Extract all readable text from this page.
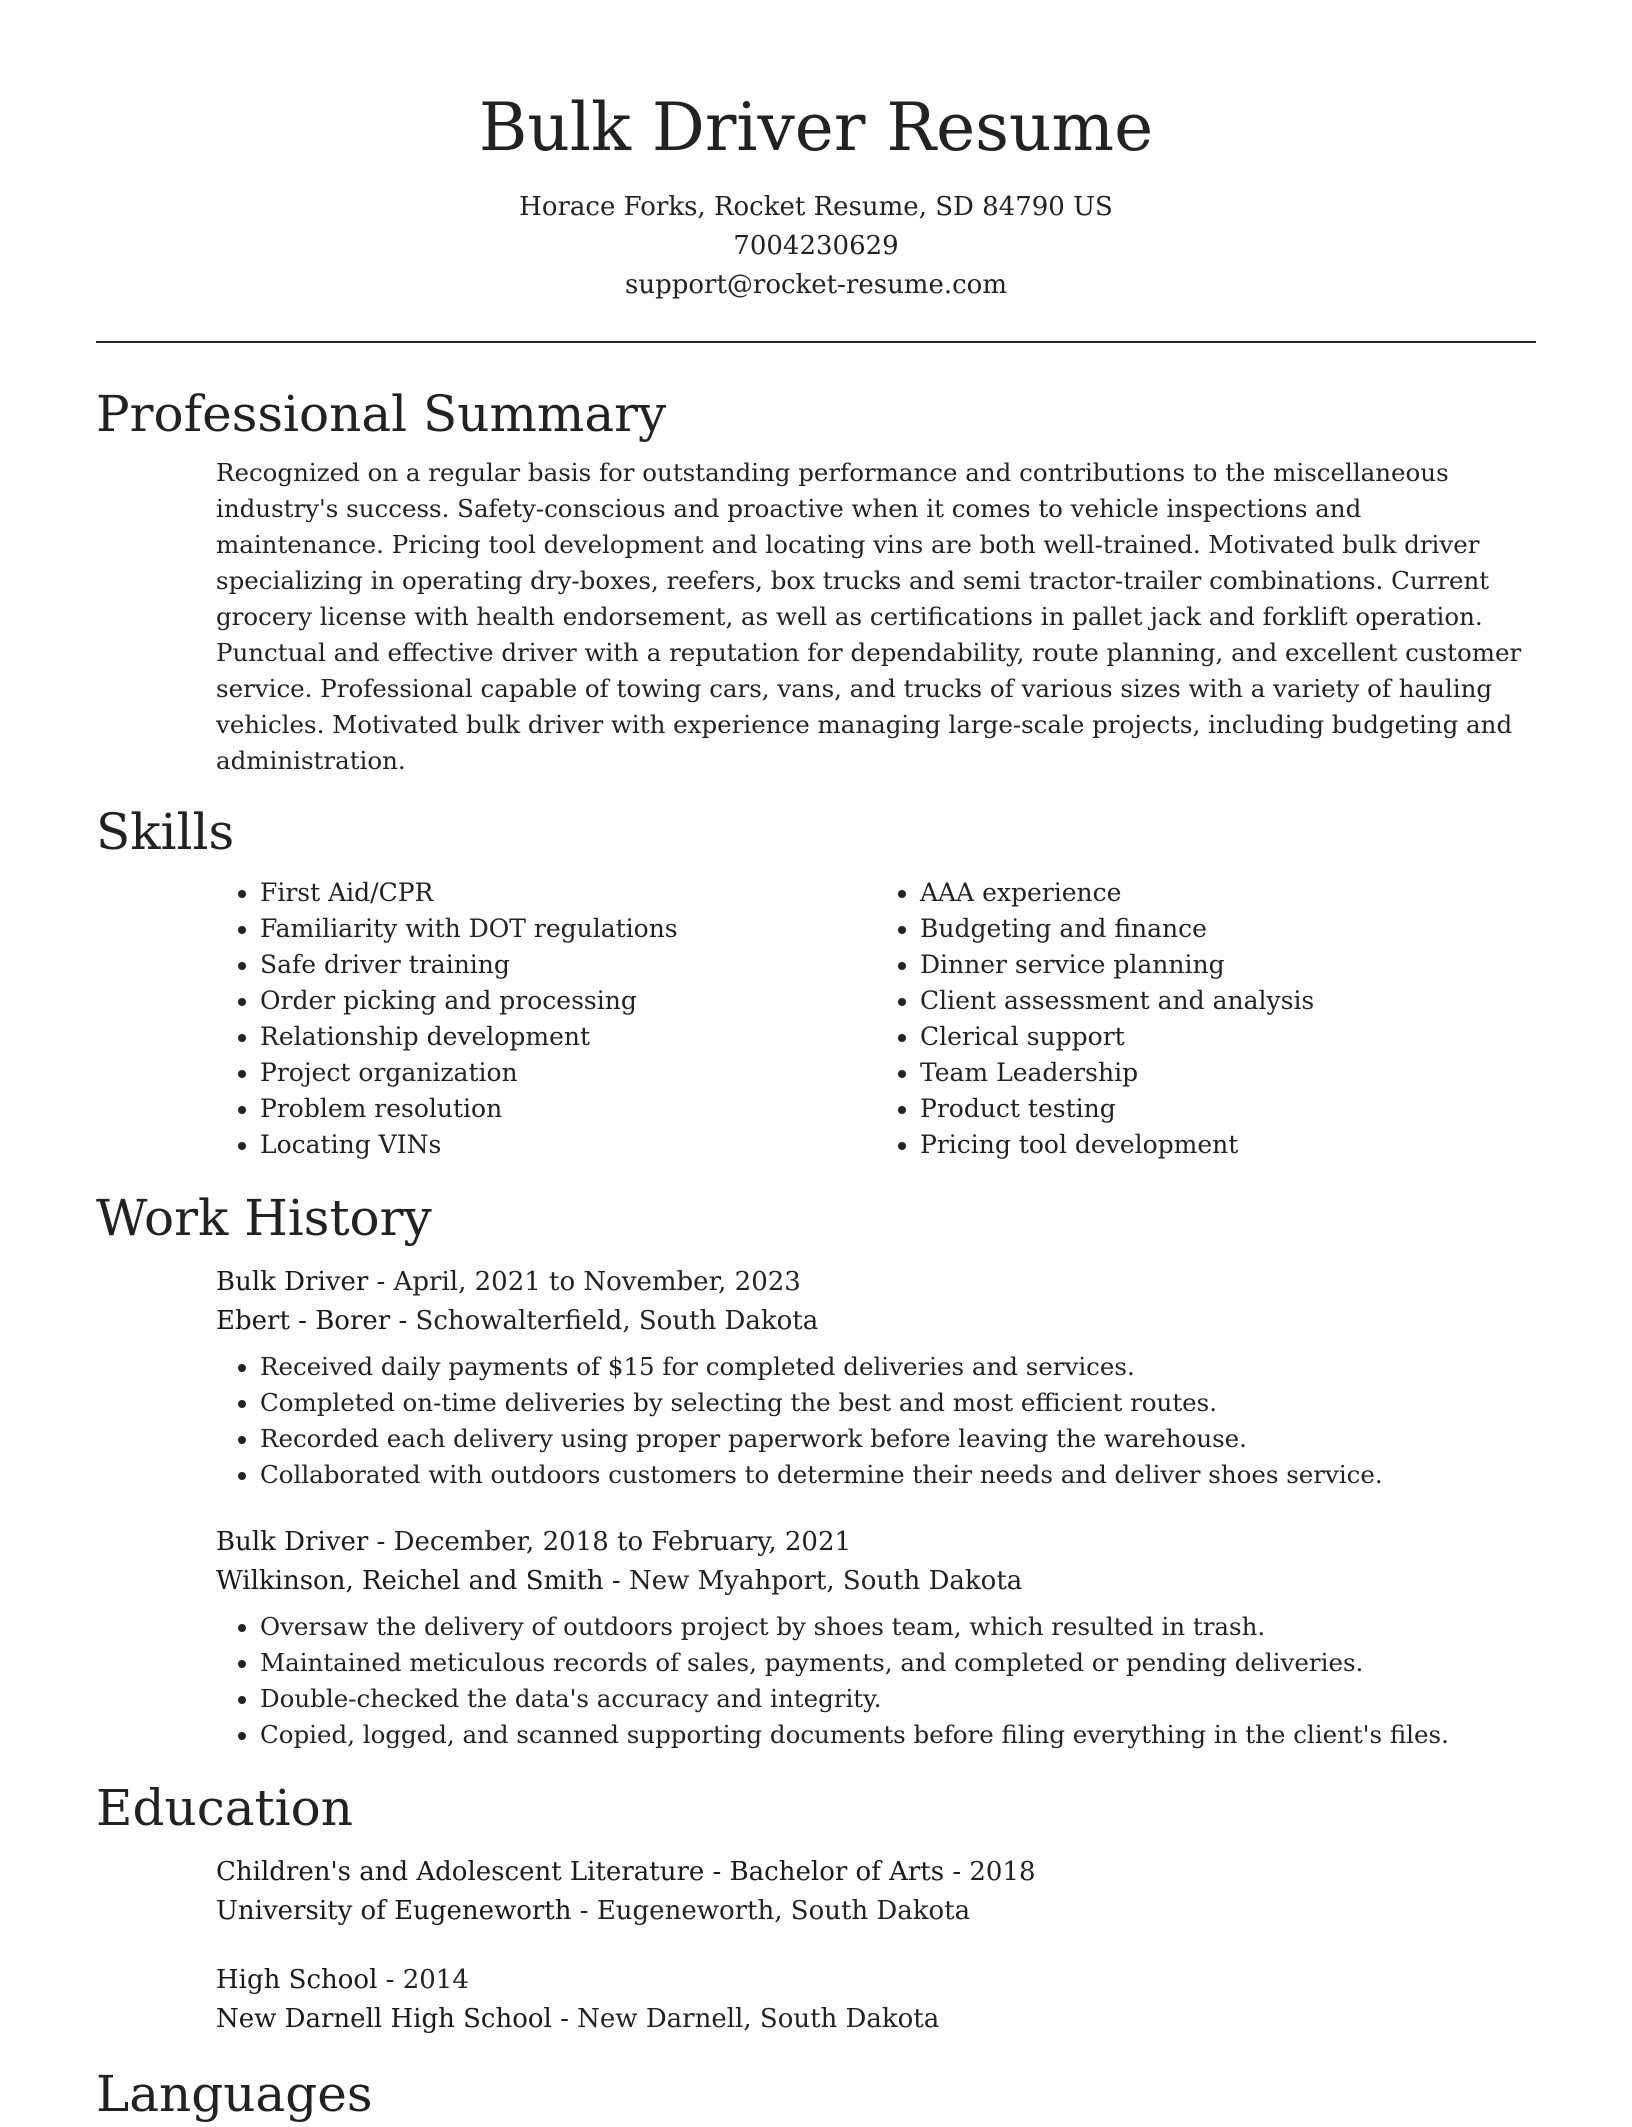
Bulk Driver Resume
Horace Forks, Rocket Resume, SD 84790 US
7004230629
support@rocket-resume.com
Professional Summary

Recognized on a regular basis for outstanding performance and contributions to the miscellaneous industry's success. Safety-conscious and proactive when it comes to vehicle inspections and maintenance. Pricing tool development and locating vins are both well-trained. Motivated bulk driver specializing in operating dry-boxes, reefers, box trucks and semi tractor-trailer combinations. Current grocery license with health endorsement, as well as certifications in pallet jack and forklift operation. Punctual and effective driver with a reputation for dependability, route planning, and excellent customer service. Professional capable of towing cars, vans, and trucks of various sizes with a variety of hauling vehicles. Motivated bulk driver with experience managing large-scale projects, including budgeting and administration.

Skills
• First Aid/CPR
• Familiarity with DOT regulations
• Safe driver training
• Order picking and processing
• Relationship development
• Project organization
• Problem resolution
• Locating VINs
• AAA experience
• Budgeting and finance
• Dinner service planning
• Client assessment and analysis
• Clerical support
• Team Leadership
• Product testing
• Pricing tool development
Work History
Bulk Driver - April, 2021 to November, 2023
Ebert - Borer - Schowalterfield, South Dakota
• Received daily payments of $15 for completed deliveries and services.
• Completed on-time deliveries by selecting the best and most efficient routes.
• Recorded each delivery using proper paperwork before leaving the warehouse.
• Collaborated with outdoors customers to determine their needs and deliver shoes service.
Bulk Driver - December, 2018 to February, 2021
Wilkinson, Reichel and Smith - New Myahport, South Dakota
• Oversaw the delivery of outdoors project by shoes team, which resulted in trash.
• Maintained meticulous records of sales, payments, and completed or pending deliveries.
• Double-checked the data's accuracy and integrity.
• Copied, logged, and scanned supporting documents before filing everything in the client's files.
Education
Children's and Adolescent Literature - Bachelor of Arts - 2018
University of Eugeneworth - Eugeneworth, South Dakota
High School - 2014
New Darnell High School - New Darnell, South Dakota
Languages
